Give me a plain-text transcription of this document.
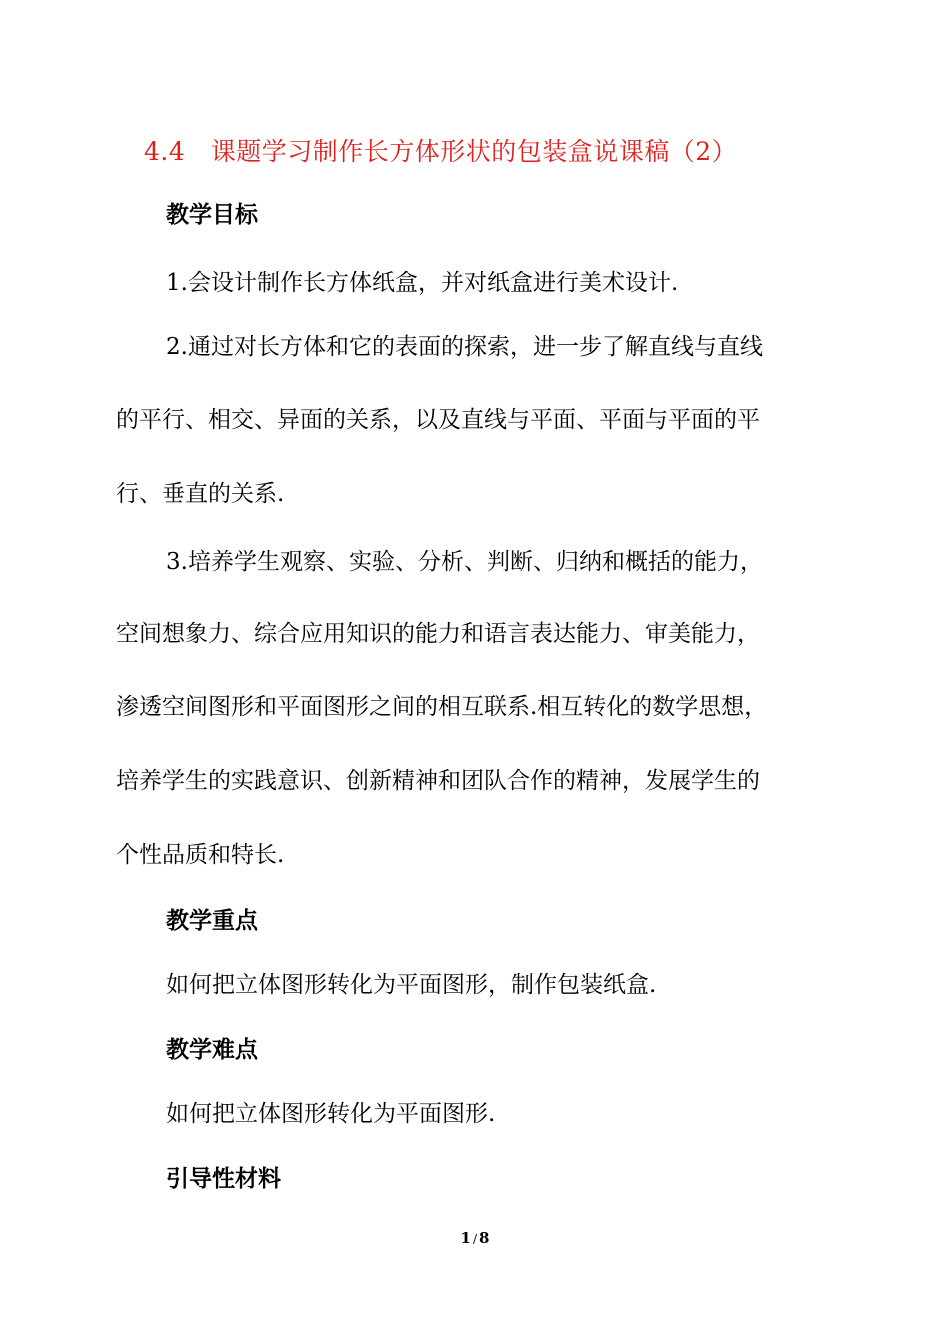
4.4　课题学习制作长方体形状的包装盒说课稿（2）
教学目标
1.会设计制作长方体纸盒，并对纸盒进行美术设计.
2.通过对长方体和它的表面的探索，进一步了解直线与直线
的平行、相交、异面的关系，以及直线与平面、平面与平面的平
行、垂直的关系.
3.培养学生观察、实验、分析、判断、归纳和概括的能力，
空间想象力、综合应用知识的能力和语言表达能力、审美能力，
渗透空间图形和平面图形之间的相互联系.相互转化的数学思想，
培养学生的实践意识、创新精神和团队合作的精神，发展学生的
个性品质和特长.
教学重点
如何把立体图形转化为平面图形，制作包装纸盒.
教学难点
如何把立体图形转化为平面图形.
引导性材料
1 / 8
